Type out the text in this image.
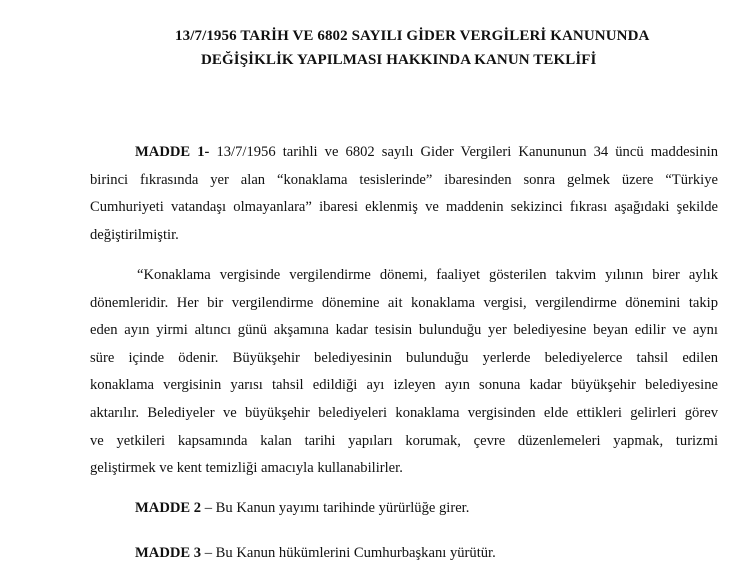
13/7/1956 TARİH VE 6802 SAYILI GİDER VERGİLERİ KANUNUNDA
DEĞİŞİKLİK YAPILMASI HAKKINDA KANUN TEKLİFİ
MADDE 1- 13/7/1956 tarihli ve 6802 sayılı Gider Vergileri Kanununun 34 üncü maddesinin
birinci fıkrasında yer alan “konaklama tesislerinde” ibaresinden sonra gelmek üzere “Türkiye
Cumhuriyeti vatandaşı olmayanlara” ibaresi eklenmiş ve maddenin sekizinci fıkrası aşağıdaki şekilde
değiştirilmiştir.
“Konaklama vergisinde vergilendirme dönemi, faaliyet gösterilen takvim yılının birer aylık
dönemleridir. Her bir vergilendirme dönemine ait konaklama vergisi, vergilendirme dönemini takip
eden ayın yirmi altıncı günü akşamına kadar tesisin bulunduğu yer belediyesine beyan edilir ve aynı
süre içinde ödenir. Büyükşehir belediyesinin bulunduğu yerlerde belediyelerce tahsil edilen
konaklama vergisinin yarısı tahsil edildiği ayı izleyen ayın sonuna kadar büyükşehir belediyesine
aktarılır. Belediyeler ve büyükşehir belediyeleri konaklama vergisinden elde ettikleri gelirleri görev
ve yetkileri kapsamında kalan tarihi yapıları korumak, çevre düzenlemeleri yapmak, turizmi
geliştirmek ve kent temizliği amacıyla kullanabilirler.
MADDE 2 – Bu Kanun yayımı tarihinde yürürlüğe girer.
MADDE 3 – Bu Kanun hükümlerini Cumhurbaşkanı yürütür.
